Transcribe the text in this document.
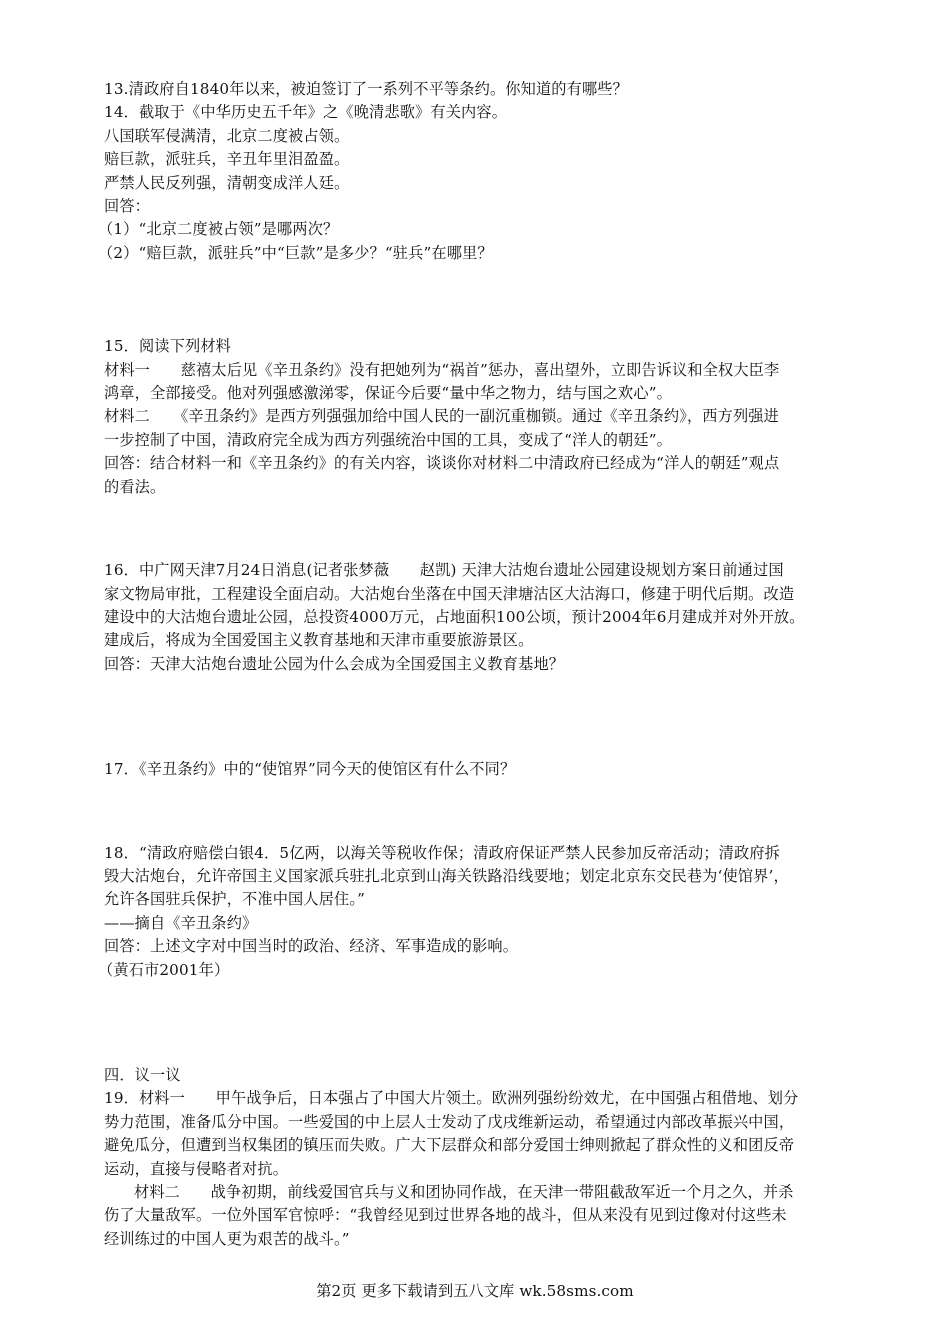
13.清政府自1840年以来，被迫签订了一系列不平等条约。你知道的有哪些？
14．截取于《中华历史五千年》之《晚清悲歌》有关内容。
八国联军侵满清，北京二度被占领。
赔巨款，派驻兵，辛丑年里泪盈盈。
严禁人民反列强，清朝变成洋人廷。
回答：
（1）“北京二度被占领”是哪两次？
（2）“赔巨款，派驻兵”中“巨款”是多少？“驻兵”在哪里？
15．阅读下列材料
材料一　　慈禧太后见《辛丑条约》没有把她列为“祸首”惩办，喜出望外，立即告诉议和全权大臣李
鸿章，全部接受。他对列强感激涕零，保证今后要“量中华之物力，结与国之欢心”。
材料二　　《辛丑条约》是西方列强强加给中国人民的一副沉重枷锁。通过《辛丑条约》，西方列强进
一步控制了中国，清政府完全成为西方列强统治中国的工具，变成了“洋人的朝廷”。
回答：结合材料一和《辛丑条约》的有关内容，谈谈你对材料二中清政府已经成为“洋人的朝廷”观点
的看法。
16．中广网天津7月24日消息(记者张梦薇　　赵凯) 天津大沽炮台遗址公园建设规划方案日前通过国
家文物局审批，工程建设全面启动。大沽炮台坐落在中国天津塘沽区大沽海口，修建于明代后期。改造
建设中的大沽炮台遗址公园，总投资4000万元，占地面积100公顷，预计2004年6月建成并对外开放。
建成后，将成为全国爱国主义教育基地和天津市重要旅游景区。
回答：天津大沽炮台遗址公园为什么会成为全国爱国主义教育基地？
17．《辛丑条约》中的“使馆界”同今天的使馆区有什么不同？
18．“清政府赔偿白银4．5亿两，以海关等税收作保；清政府保证严禁人民参加反帝活动；清政府拆
毁大沽炮台，允许帝国主义国家派兵驻扎北京到山海关铁路沿线要地；划定北京东交民巷为‘使馆界’，
允许各国驻兵保护，不准中国人居住。”
——摘自《辛丑条约》
回答：上述文字对中国当时的政治、经济、军事造成的影响。
（黄石市2001年）
四．议一议
19．材料一　　甲午战争后，日本强占了中国大片领土。欧洲列强纷纷效尤，在中国强占租借地、划分
势力范围，准备瓜分中国。一些爱国的中上层人士发动了戊戌维新运动，希望通过内部改革振兴中国，
避免瓜分，但遭到当权集团的镇压而失败。广大下层群众和部分爱国士绅则掀起了群众性的义和团反帝
运动，直接与侵略者对抗。
材料二　　战争初期，前线爱国官兵与义和团协同作战，在天津一带阻截敌军近一个月之久，并杀
伤了大量敌军。一位外国军官惊呼：“我曾经见到过世界各地的战斗，但从来没有见到过像对付这些未
经训练过的中国人更为艰苦的战斗。”
第2页 更多下载请到五八文库 wk.58sms.com
